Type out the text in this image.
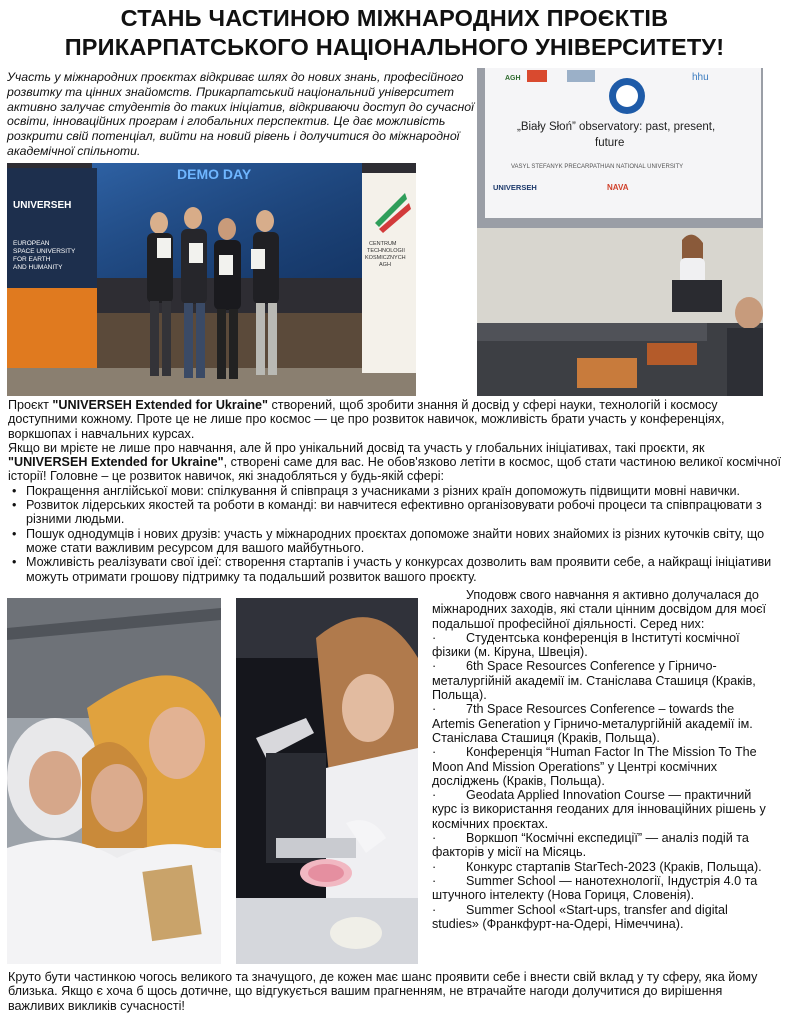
СТАНЬ ЧАСТИНОЮ МІЖНАРОДНИХ ПРОЄКТІВ
ПРИКАРПАТСЬКОГО НАЦІОНАЛЬНОГО УНІВЕРСИТЕТУ!
Участь у міжнародних проєктах відкриває шлях до нових знань, професійного розвитку та цінних знайомств. Прикарпатський національний університет активно залучає студентів до таких ініціатив, відкриваючи доступ до сучасної освіти, інноваційних програм і глобальних перспектив. Це дає можливість розкрити свій потенціал, вийти на новий рівень і долучитися до міжнародної академічної спільноти.
DEMO DAY
UNIVERSEH
EUROPEAN
SPACE UNIVERSITY
FOR EARTH
AND HUMANITY
CENTRUM
TECHNOLOGII
KOSMICZNYCH
AGH
AGH	hhu
„Biały Słoń” observatory: past, present,
future
VASYL STEFANYK PRECARPATHIAN NATIONAL UNIVERSITY
UNIVERSEH	NAVA

Проєкт "UNIVERSEH Extended for Ukraine" створений, щоб зробити знання й досвід у сфері науки, технологій і космосу доступними кожному. Проте це не лише про космос — це про розвиток навичок, можливість брати участь у конференціях, воркшопах і навчальних курсах.

Якщо ви мрієте не лише про навчання, але й про унікальний досвід та участь у глобальних ініціативах, такі проєкти, як "UNIVERSEH Extended for Ukraine", створені саме для вас. Не обов'язково летіти в космос, щоб стати частиною великої космічної історії! Головне – це розвиток навичок, які знадобляться у будь-якій сфері:

• Покращення англійської мови: спілкування й співпраця з учасниками з різних країн допоможуть підвищити мовні навички.
• Розвиток лідерських якостей та роботи в команді: ви навчитеся ефективно організовувати робочі процеси та співпрацювати з різними людьми.
• Пошук однодумців і нових друзів: участь у міжнародних проєктах допоможе знайти нових знайомих із різних куточків світу, що може стати важливим ресурсом для вашого майбутнього.
• Можливість реалізувати свої ідеї: створення стартапів і участь у конкурсах дозволить вам проявити себе, а найкращі ініціативи можуть отримати грошову підтримку та подальший розвиток вашого проєкту.

Уподовж свого навчання я активно долучалася до міжнародних заходів, які стали цінним досвідом для моєї подальшої професійної діяльності. Серед них:

· Студентська конференція в Інституті космічної фізики (м. Кіруна, Швеція).
· 6th Space Resources Conference у Гірничо-металургійній академії ім. Станіслава Сташиця (Краків, Польща).
· 7th Space Resources Conference – towards the Artemis Generation у Гірничо-металургійній академії ім. Станіслава Сташиця (Краків, Польща).
· Конференція “Human Factor In The Mission To The Moon And Mission Operations” у Центрі космічних досліджень (Краків, Польща).
· Geodata Applied Innovation Course — практичний курс із використання геоданих для інноваційних рішень у космічних проєктах.
· Воркшоп “Космічні експедиції” — аналіз подій та факторів у місії на Місяць.
· Конкурс стартапів StarTech-2023 (Краків, Польща).
· Summer School — нанотехнології, Індустрія 4.0 та штучного інтелекту (Нова Гориця, Словенія).
· Summer School «Start-ups, transfer and digital studies» (Франкфурт-на-Одері, Німеччина).
Круто бути частинкою чогось великого та значущого, де кожен має шанс проявити себе і внести свій вклад у ту сферу, яка йому близька. Якщо є хоча б щось дотичне, що відгукується вашим прагненням, не втрачайте нагоди долучитися до вирішення важливих викликів сучасності!
